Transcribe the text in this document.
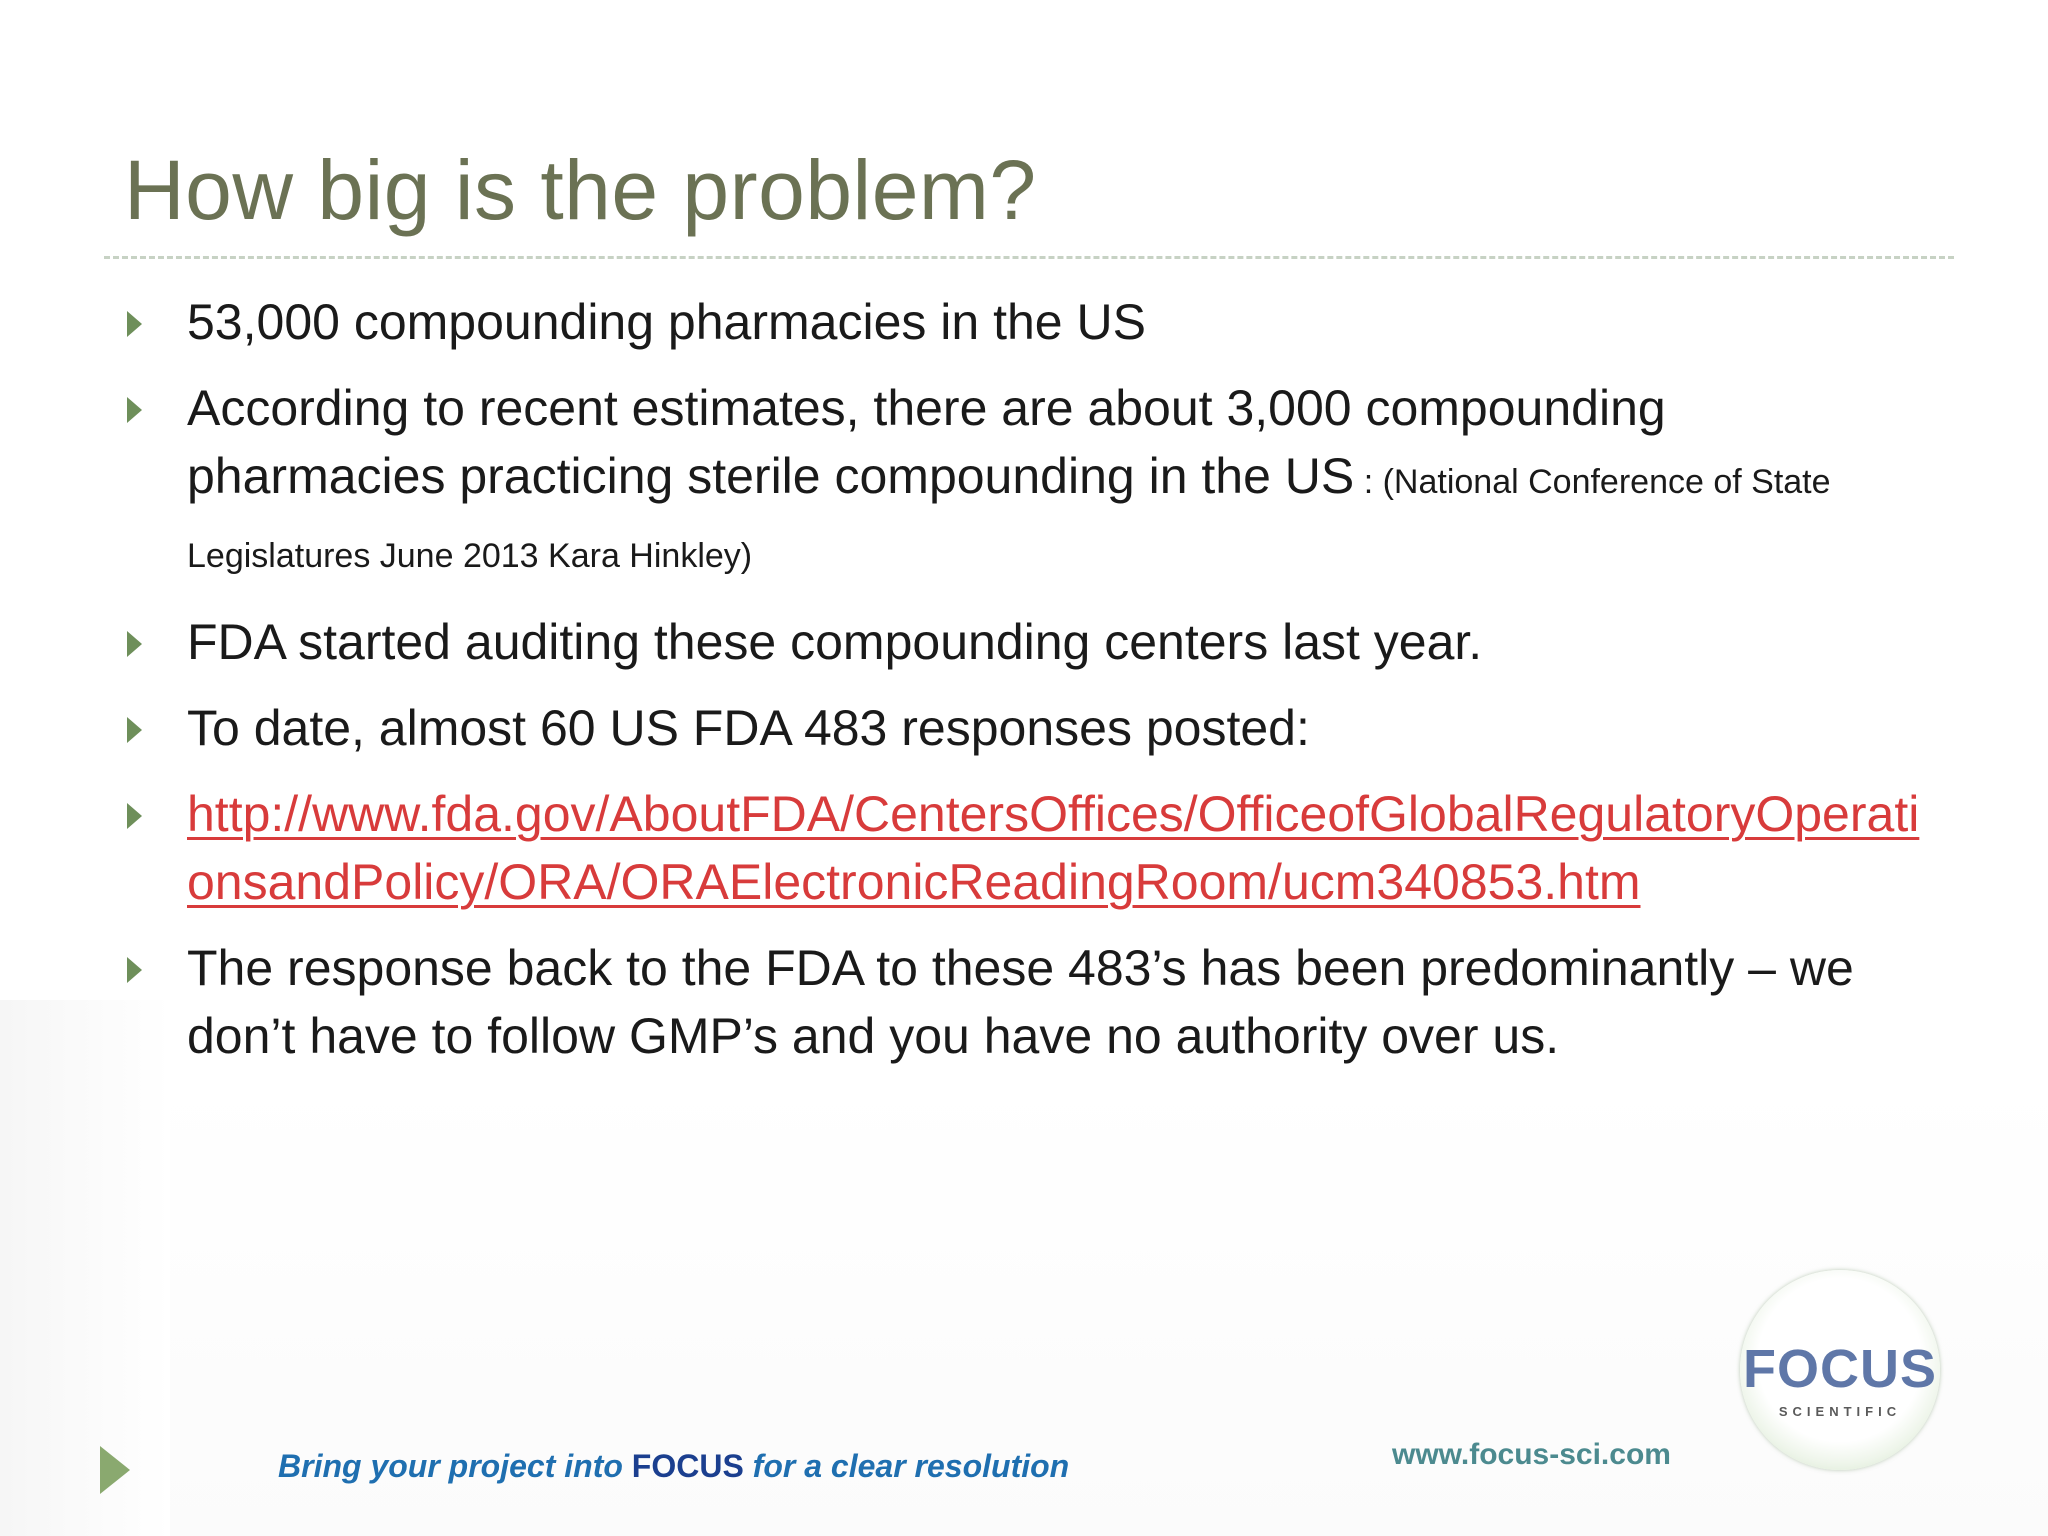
How big is the problem?
53,000 compounding pharmacies in the US
According to recent estimates, there are about 3,000 compounding pharmacies practicing sterile compounding in the US : (National Conference of State Legislatures June 2013 Kara Hinkley)
FDA started auditing these compounding centers last year.
To date, almost 60 US FDA 483 responses posted:
http://www.fda.gov/AboutFDA/CentersOffices/OfficeofGlobalRegulatoryOperationsandPolicy/ORA/ORAElectronicReadingRoom/ucm340853.htm
The response back to the FDA to these 483’s has been predominantly – we don’t have to follow GMP’s and you have no authority over us.
Bring your project into FOCUS for a clear resolution	www.focus-sci.com
FOCUS
SCIENTIFIC
